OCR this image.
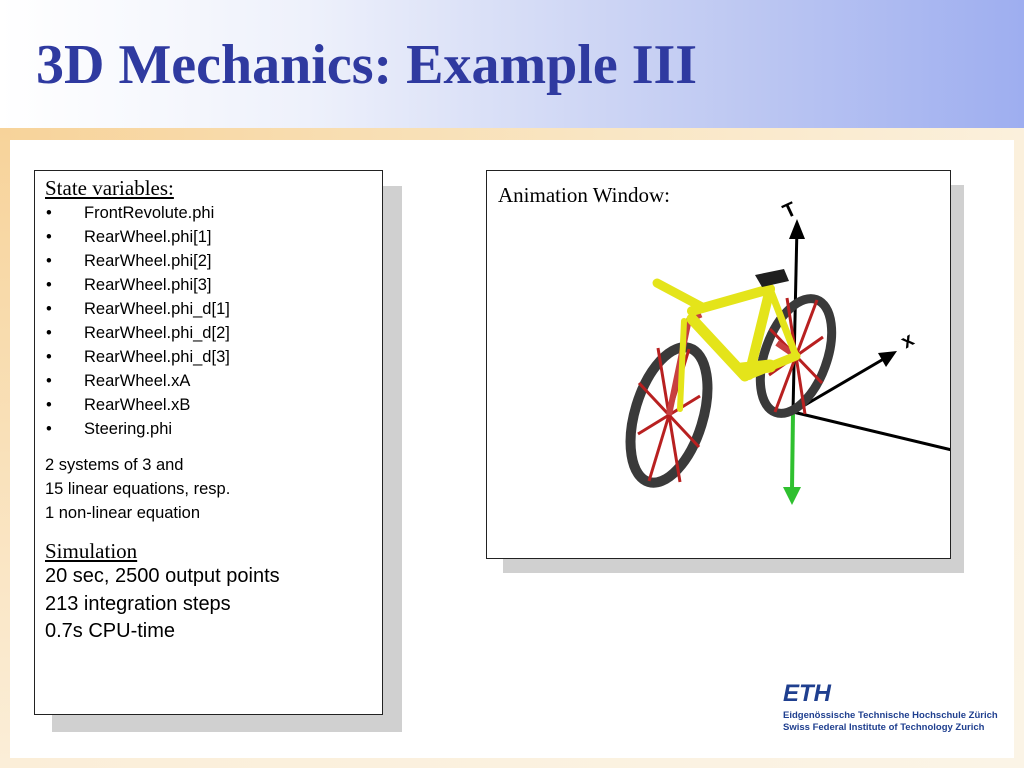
3D Mechanics: Example III
State variables:
• FrontRevolute.phi
• RearWheel.phi[1]
• RearWheel.phi[2]
• RearWheel.phi[3]
• RearWheel.phi_d[1]
• RearWheel.phi_d[2]
• RearWheel.phi_d[3]
• RearWheel.xA
• RearWheel.xB
• Steering.phi
2 systems of 3 and
15 linear equations, resp.
1 non-linear equation
Simulation
20 sec, 2500 output points
213 integration steps
0.7s CPU-time
Animation Window:
T
x
ETH
Eidgenössische Technische Hochschule Zürich
Swiss Federal Institute of Technology Zurich
